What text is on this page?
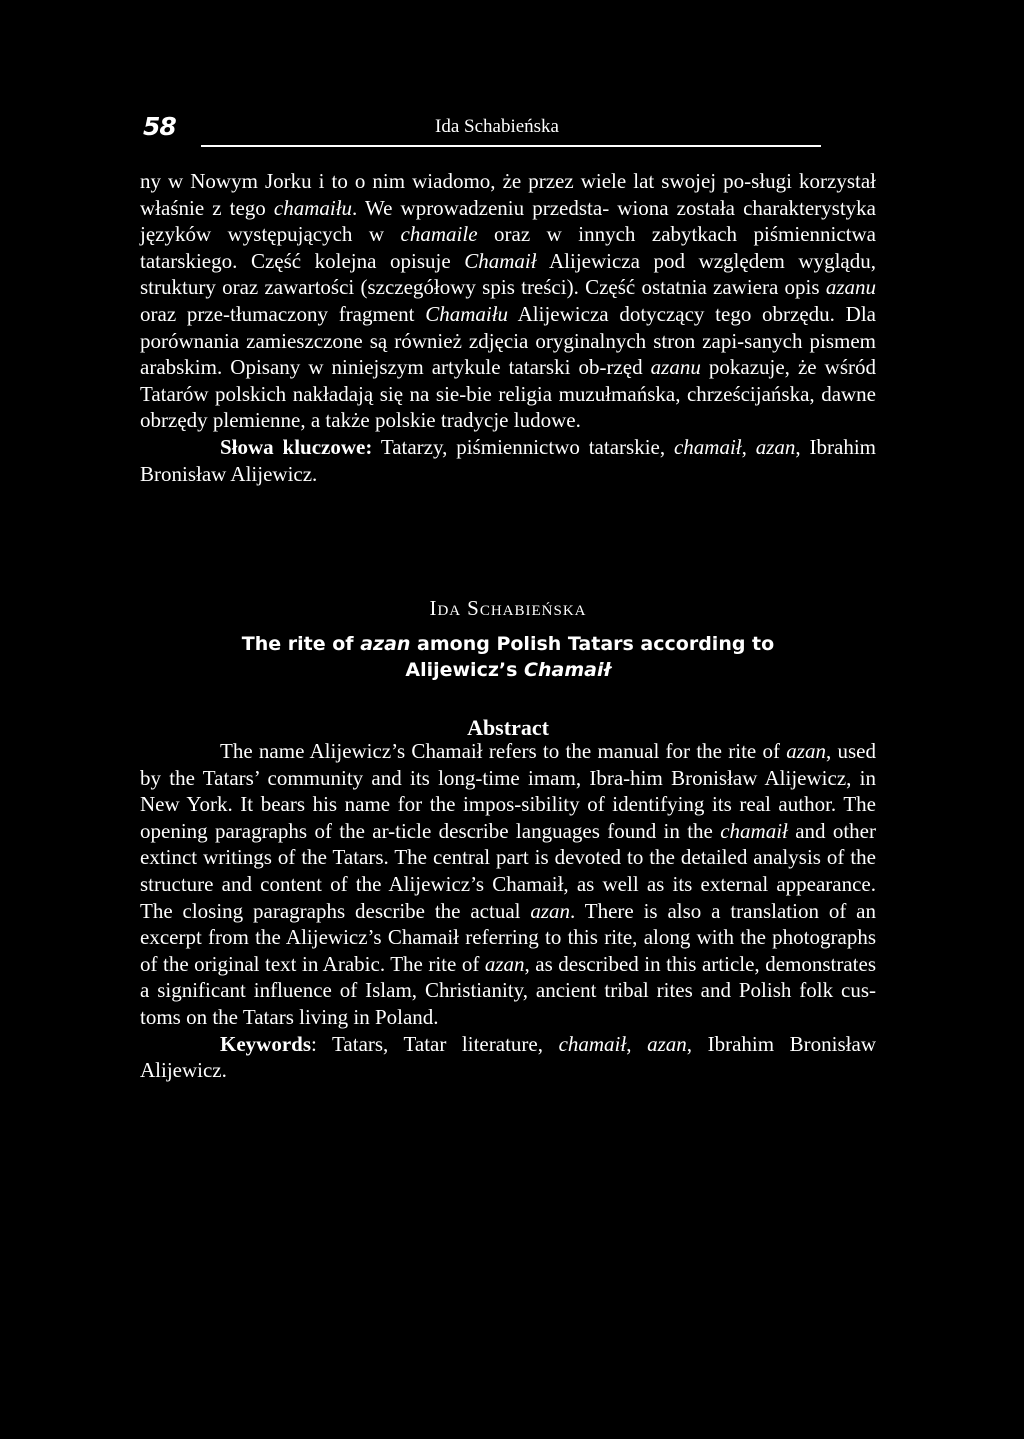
58	Ida Schabieńska

ny w Nowym Jorku i to o nim wiadomo, że przez wiele lat swojej po-sługi korzystał właśnie z tego chamaiłu. We wprowadzeniu przedsta- wiona została charakterystyka języków występujących w chamaile oraz w innych zabytkach piśmiennictwa tatarskiego. Część kolejna opisuje Chamaił Alijewicza pod względem wyglądu, struktury oraz zawartości (szczegółowy spis treści). Część ostatnia zawiera opis azanu oraz prze-tłumaczony fragment Chamaiłu Alijewicza dotyczący tego obrzędu. Dla porównania zamieszczone są również zdjęcia oryginalnych stron zapi-sanych pismem arabskim. Opisany w niniejszym artykule tatarski ob-rzęd azanu pokazuje, że wśród Tatarów polskich nakładają się na sie-bie religia muzułmańska, chrześcijańska, dawne obrzędy plemienne, a także polskie tradycje ludowe.

Słowa kluczowe: Tatarzy, piśmiennictwo tatarskie, chamaił, azan, Ibrahim Bronisław Alijewicz.

IDA SCHABIEŃSKA
The rite of azan among Polish Tatars according to
Alijewicz’s Chamaił
Abstract

The name Alijewicz’s Chamaił refers to the manual for the rite of azan, used by the Tatars’ community and its long-time imam, Ibra-him Bronisław Alijewicz, in New York. It bears his name for the impos-sibility of identifying its real author. The opening paragraphs of the ar-ticle describe languages found in the chamaił and other extinct writings of the Tatars. The central part is devoted to the detailed analysis of the structure and content of the Alijewicz’s Chamaił, as well as its external appearance. The closing paragraphs describe the actual azan. There is also a translation of an excerpt from the Alijewicz’s Chamaił referring to this rite, along with the photographs of the original text in Arabic. The rite of azan, as described in this article, demonstrates a significant influence of Islam, Christianity, ancient tribal rites and Polish folk cus-toms on the Tatars living in Poland.

Keywords: Tatars, Tatar literature, chamaił, azan, Ibrahim Bronisław Alijewicz.
